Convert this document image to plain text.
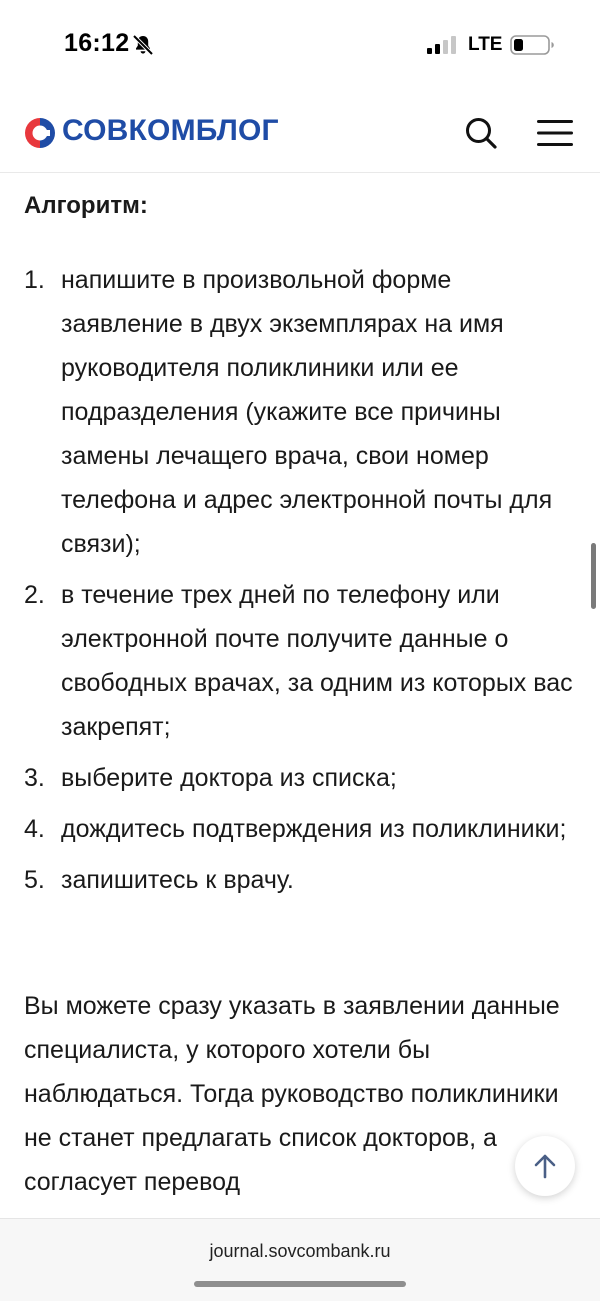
16:12	LTE
СОВКОМБЛОГ
Алгоритм:
1. напишите в произвольной форме заявление в двух экземплярах на имя руководителя поликлиники или ее подразделения (укажите все причины замены лечащего врача, свои номер телефона и адрес электронной почты для связи);
2. в течение трех дней по телефону или электронной почте получите данные о свободных врачах, за одним из которых вас закрепят;
3. выберите доктора из списка;
4. дождитесь подтверждения из поликлиники;
5. запишитесь к врачу.

Вы можете сразу указать в заявлении данные специалиста, у которого хотели бы наблюдаться. Тогда руководство поликлиники не станет предлагать список докторов, а согласует перевод

journal.sovcombank.ru
